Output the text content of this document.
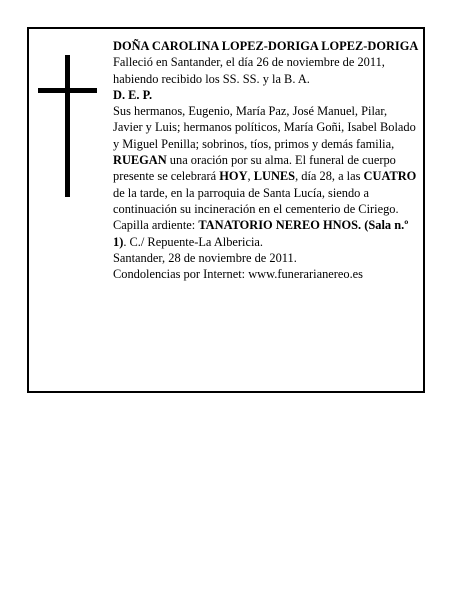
DOÑA CAROLINA LOPEZ-DORIGA LOPEZ-DORIGA

Falleció en Santander, el día 26 de noviembre de 2011, habiendo recibido los SS. SS. y la B. A.

D. E. P.

Sus hermanos, Eugenio, María Paz, José Manuel, Pilar, Javier y Luis; hermanos políticos, María Goñi, Isabel Bolado y Miguel Penilla; sobrinos, tíos, primos y demás familia,

RUEGAN una oración por su alma. El funeral de cuerpo presente se celebrará HOY, LUNES, día 28, a las CUATRO de la tarde, en la parroquia de Santa Lucía, siendo a continuación su incineración en el cementerio de Ciriego. Capilla ardiente: TANATORIO NEREO HNOS. (Sala n.º 1). C./ Repuente-La Albericia.

Santander, 28 de noviembre de 2011.

Condolencias por Internet: www.funerarianereo.es
